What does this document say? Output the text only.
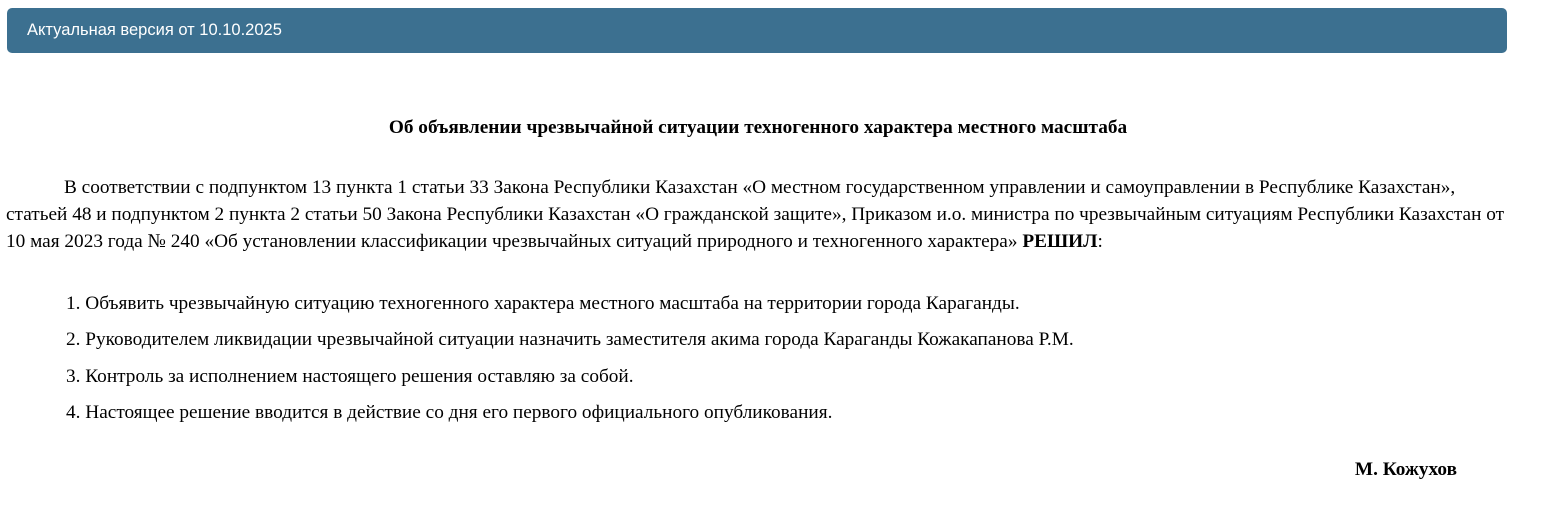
Актуальная версия от 10.10.2025
Об объявлении чрезвычайной ситуации техногенного характера местного масштаба

В соответствии с подпунктом 13 пункта 1 статьи 33 Закона Республики Казахстан «О местном государственном управлении и самоуправлении в Республике Казахстан», статьей 48 и подпунктом 2 пункта 2 статьи 50 Закона Республики Казахстан «О гражданской защите», Приказом и.о. министра по чрезвычайным ситуациям Республики Казахстан от 10 мая 2023 года № 240 «Об установлении классификации чрезвычайных ситуаций природного и техногенного характера» РЕШИЛ:

1. Объявить чрезвычайную ситуацию техногенного характера местного масштаба на территории города Караганды.
2. Руководителем ликвидации чрезвычайной ситуации назначить заместителя акима города Караганды Кожакапанова Р.М.
3. Контроль за исполнением настоящего решения оставляю за собой.
4. Настоящее решение вводится в действие со дня его первого официального опубликования.

М. Кожухов
